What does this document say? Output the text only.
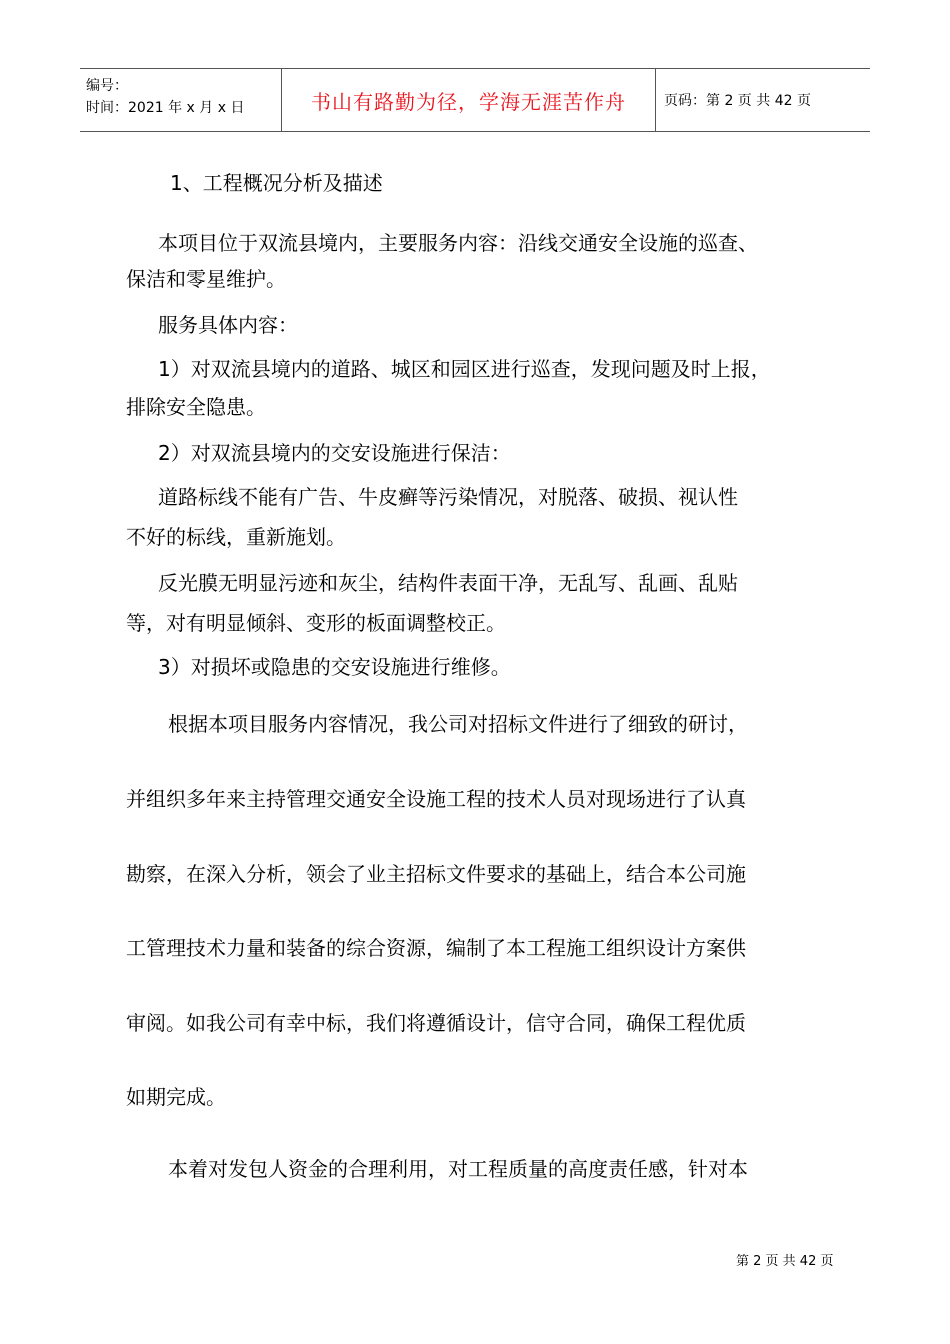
编号：
时间：2021 年 x 月 x 日	书山有路勤为径，学海无涯苦作舟	页码：第 2 页 共 42 页
1、工程概况分析及描述
本项目位于双流县境内，主要服务内容：沿线交通安全设施的巡查、
保洁和零星维护。
服务具体内容：
1）对双流县境内的道路、城区和园区进行巡查，发现问题及时上报，
排除安全隐患。
2）对双流县境内的交安设施进行保洁：
道路标线不能有广告、牛皮癣等污染情况，对脱落、破损、视认性
不好的标线，重新施划。
反光膜无明显污迹和灰尘，结构件表面干净，无乱写、乱画、乱贴
等，对有明显倾斜、变形的板面调整校正。
3）对损坏或隐患的交安设施进行维修。
根据本项目服务内容情况，我公司对招标文件进行了细致的研讨，
并组织多年来主持管理交通安全设施工程的技术人员对现场进行了认真
勘察，在深入分析，领会了业主招标文件要求的基础上，结合本公司施
工管理技术力量和装备的综合资源，编制了本工程施工组织设计方案供
审阅。如我公司有幸中标，我们将遵循设计，信守合同，确保工程优质
如期完成。
本着对发包人资金的合理利用，对工程质量的高度责任感，针对本
第 2 页 共 42 页
